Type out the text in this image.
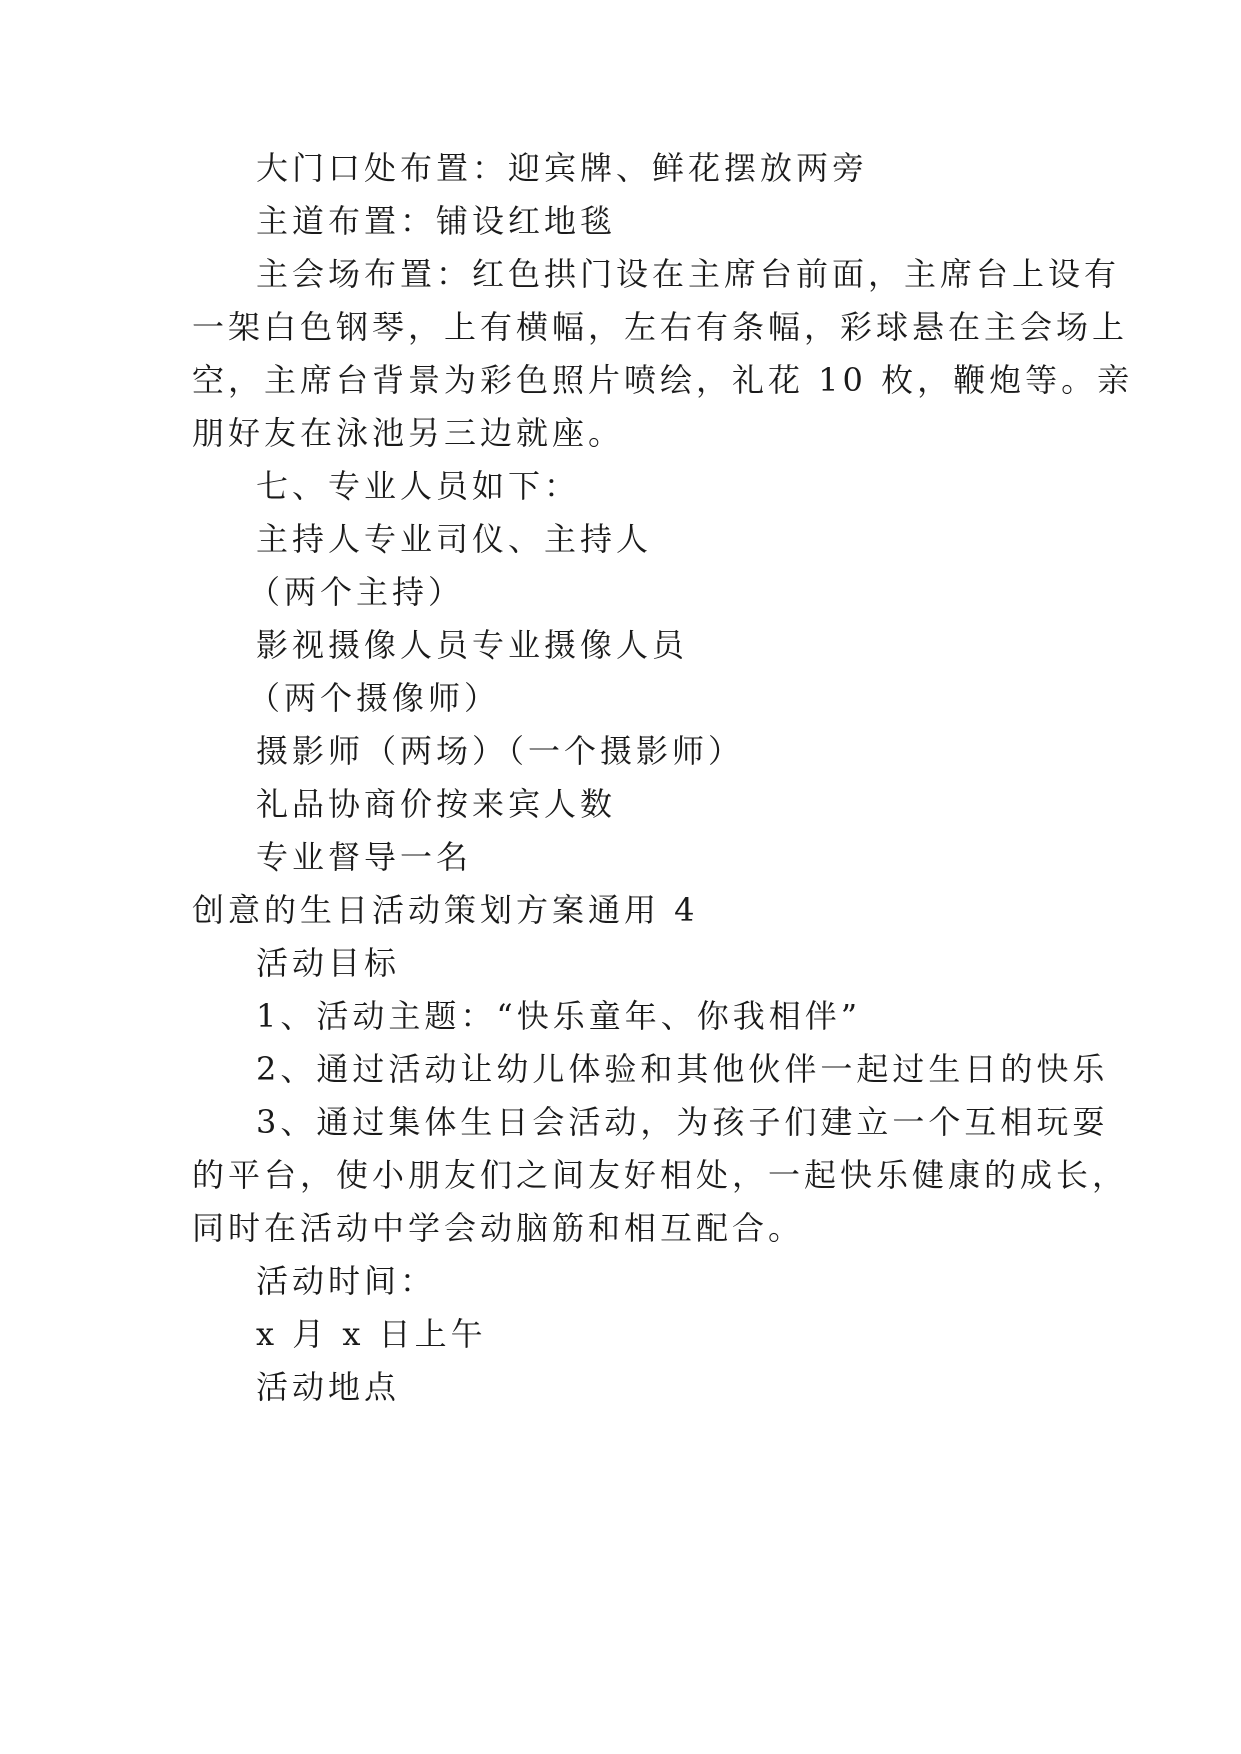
大门口处布置：迎宾牌、鲜花摆放两旁
主道布置：铺设红地毯
主会场布置：红色拱门设在主席台前面，主席台上设有
一架白色钢琴，上有横幅，左右有条幅，彩球悬在主会场上
空，主席台背景为彩色照片喷绘，礼花 10 枚，鞭炮等。亲
朋好友在泳池另三边就座。
七、专业人员如下：
主持人专业司仪、主持人
（两个主持）
影视摄像人员专业摄像人员
（两个摄像师）
摄影师（两场）（一个摄影师）
礼品协商价按来宾人数
专业督导一名
创意的生日活动策划方案通用 4
活动目标
1、活动主题：“快乐童年、你我相伴”
2、通过活动让幼儿体验和其他伙伴一起过生日的快乐
3、通过集体生日会活动，为孩子们建立一个互相玩耍
的平台，使小朋友们之间友好相处，一起快乐健康的成长，
同时在活动中学会动脑筋和相互配合。
活动时间：
x 月 x 日上午
活动地点
